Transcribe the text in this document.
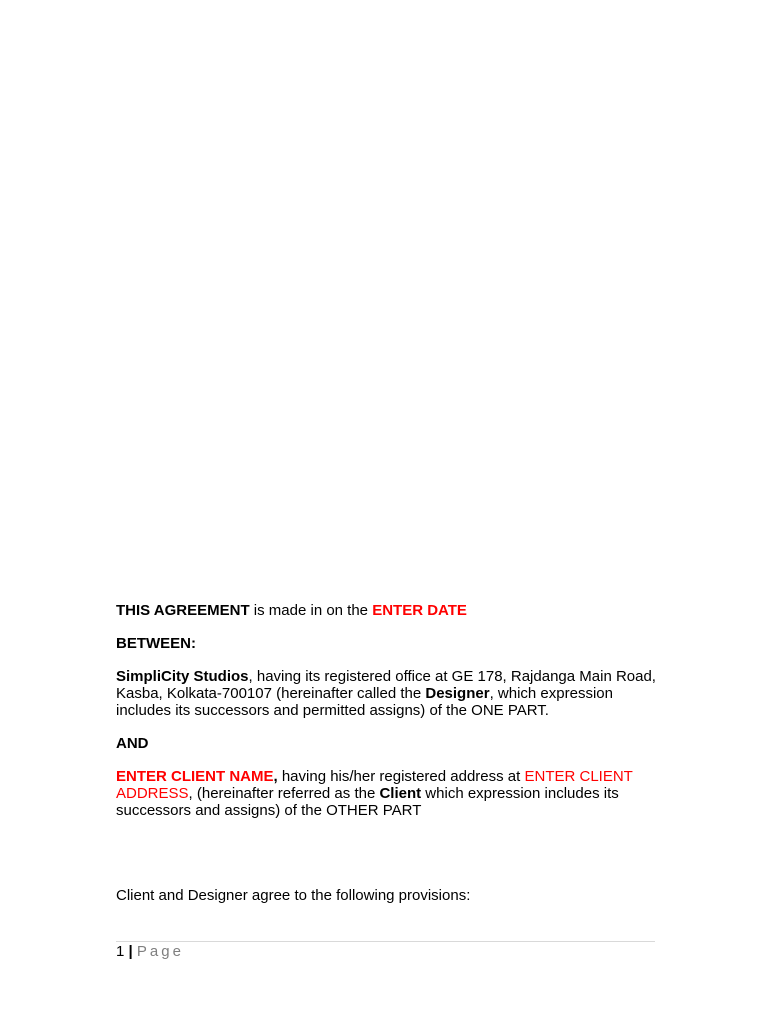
THIS AGREEMENT is made in on the ENTER DATE

BETWEEN:

SimpliCity Studios, having its registered office at GE 178, Rajdanga Main Road, Kasba, Kolkata-700107 (hereinafter called the Designer, which expression includes its successors and permitted assigns) of the ONE PART.

AND

ENTER CLIENT NAME, having his/her registered address at ENTER CLIENT ADDRESS, (hereinafter referred as the Client which expression includes its successors and assigns) of the OTHER PART

Client and Designer agree to the following provisions:

1 | Page
